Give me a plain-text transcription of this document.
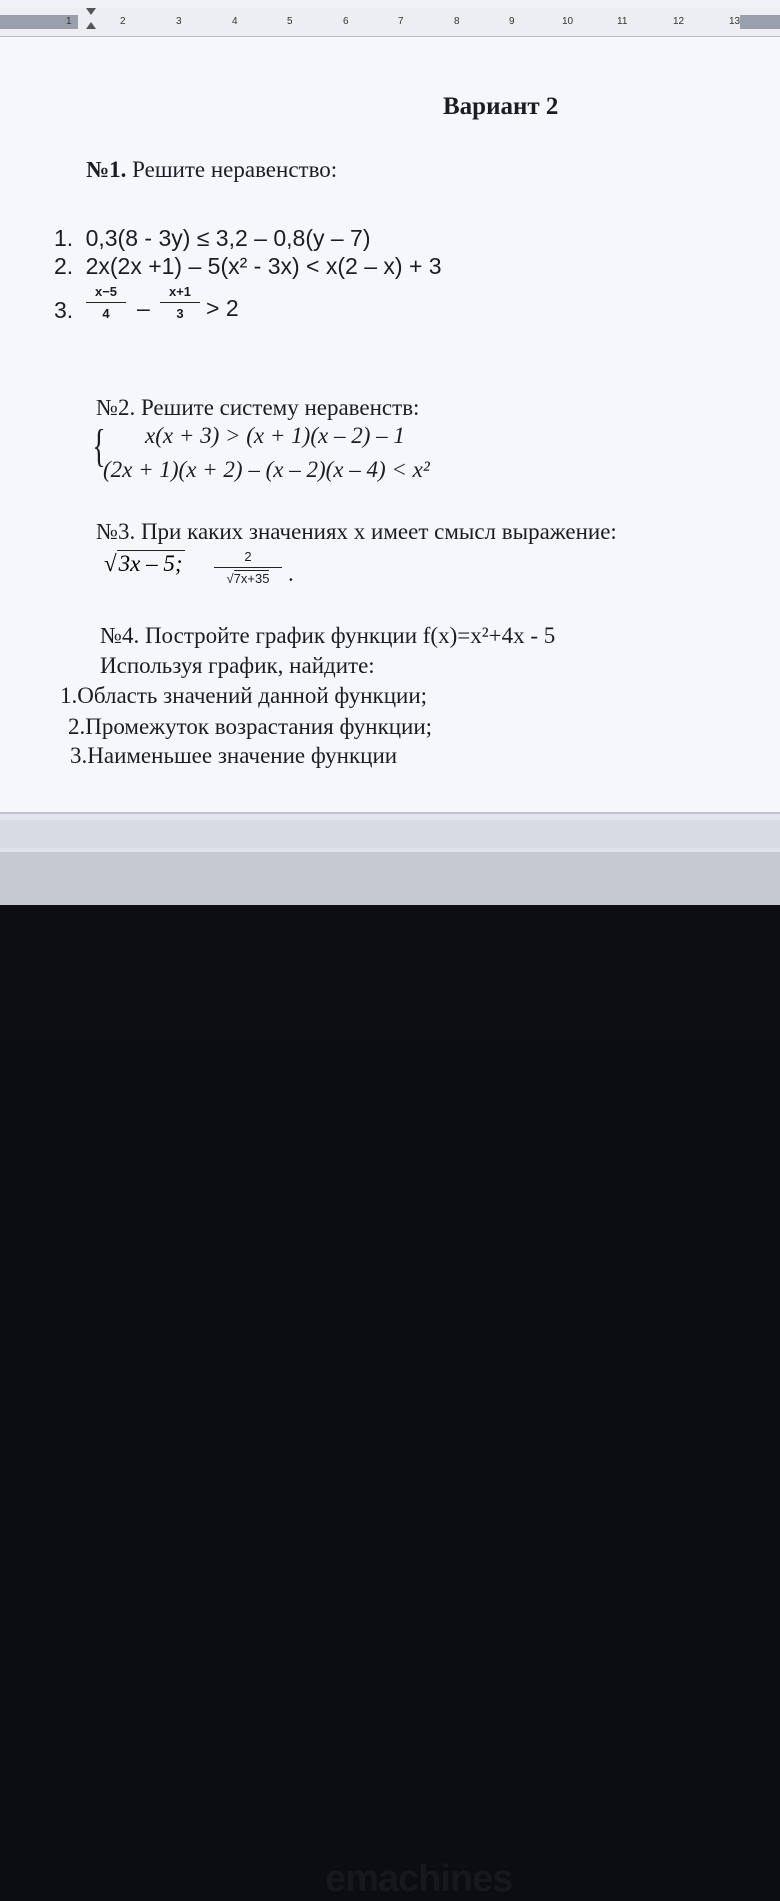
1	2	3	4	5	6	7	8	9	10	11	12	13
Вариант 2
№1. Решите неравенство:
1. 0,3(8 - 3y) ≤ 3,2 – 0,8(y – 7)
2. 2x(2x +1) – 5(x² - 3x) < x(2 – x) + 3
3.
x−5
4	–
x+1
3 > 2
№2. Решите систему неравенств:
{ x(x + 3) > (x + 1)(x – 2) – 1
(2x + 1)(x + 2) – (x – 2)(x – 4) < x²
№3. При каких значениях х имеет смысл выражение:
√3x – 5;	2
√7x+35 .
№4. Постройте график функции f(x)=x²+4x - 5
Используя график, найдите:
1.Область значений данной функции;
2.Промежуток возрастания функции;
3.Наименьшее значение функции
emachines
